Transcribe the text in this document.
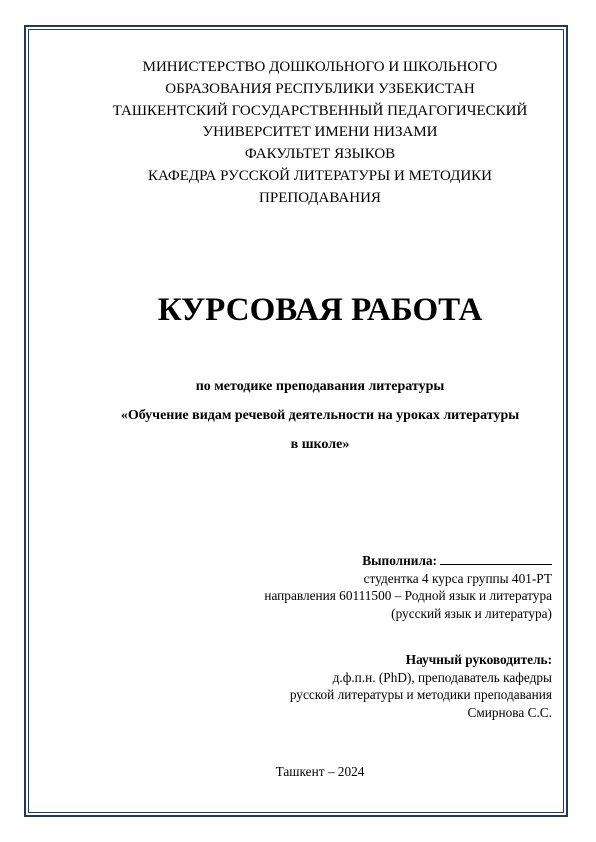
МИНИСТЕРСТВО ДОШКОЛЬНОГО И ШКОЛЬНОГО
ОБРАЗОВАНИЯ РЕСПУБЛИКИ УЗБЕКИСТАН
ТАШКЕНТСКИЙ ГОСУДАРСТВЕННЫЙ ПЕДАГОГИЧЕСКИЙ
УНИВЕРСИТЕТ ИМЕНИ НИЗАМИ
ФАКУЛЬТЕТ ЯЗЫКОВ
КАФЕДРА РУССКОЙ ЛИТЕРАТУРЫ И МЕТОДИКИ
ПРЕПОДАВАНИЯ
КУРСОВАЯ РАБОТА
по методике преподавания литературы
«Обучение видам речевой деятельности на уроках литературы
в школе»
Выполнила:
студентка 4 курса группы 401-РТ
направления 60111500 – Родной язык и литература
(русский язык и литература)
Научный руководитель:
д.ф.п.н. (PhD), преподаватель кафедры
русской литературы и методики преподавания
Смирнова С.С.
Ташкент – 2024
